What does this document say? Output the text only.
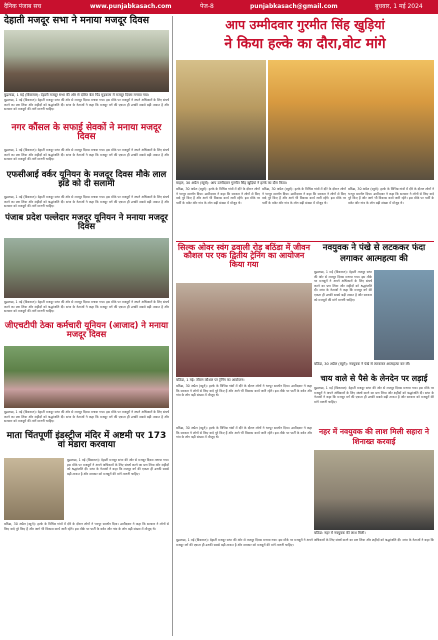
दैनिक पंजाब सच	www.punjabkasach.com	पेज-8	punjabkasach@gmail.com	बुधवार, 1 मई 2024
देहाती मजदूर सभा ने मनाया मजदूर दिवस
बुढ़लाडा, 1 मई (बिकराल): देहाती मजदूर सभा की ओर से दलित बेटा पिंड मुड़कला में मजदूर दिवस मनाया गया।
बुढ़लाडा, 1 मई (बिकराल): देहाती मजदूर सभा की ओर से मजदूर दिवस मनाया गया। इस मौके पर मजदूरों ने अपने अधिकारों के लिए संघर्ष करने का प्रण लिया और शहीदों को श्रद्धांजलि दी। सभा के नेताओं ने कहा कि मजदूर वर्ग की एकता ही उनकी सबसे बड़ी ताकत है और सरकार को मजदूरों की मांगें माननी चाहिए।
नगर कौंसल के सफाई सेवकों ने मनाया मजदूर दिवस
बुढ़लाडा, 1 मई (बिकराल): देहाती मजदूर सभा की ओर से मजदूर दिवस मनाया गया। इस मौके पर मजदूरों ने अपने अधिकारों के लिए संघर्ष करने का प्रण लिया और शहीदों को श्रद्धांजलि दी। सभा के नेताओं ने कहा कि मजदूर वर्ग की एकता ही उनकी सबसे बड़ी ताकत है और सरकार को मजदूरों की मांगें माननी चाहिए।
एफसीआई वर्कर यूनियन के मजदूर दिवस मौके लाल झंडे को दी सलामी
बुढ़लाडा, 1 मई (बिकराल): देहाती मजदूर सभा की ओर से मजदूर दिवस मनाया गया। इस मौके पर मजदूरों ने अपने अधिकारों के लिए संघर्ष करने का प्रण लिया और शहीदों को श्रद्धांजलि दी। सभा के नेताओं ने कहा कि मजदूर वर्ग की एकता ही उनकी सबसे बड़ी ताकत है और सरकार को मजदूरों की मांगें माननी चाहिए।
पंजाब प्रदेश पल्लेदार मजदूर यूनियन ने मनाया मजदूर दिवस
बुढ़लाडा, 1 मई (बिकराल): देहाती मजदूर सभा की ओर से मजदूर दिवस मनाया गया। इस मौके पर मजदूरों ने अपने अधिकारों के लिए संघर्ष करने का प्रण लिया और शहीदों को श्रद्धांजलि दी। सभा के नेताओं ने कहा कि मजदूर वर्ग की एकता ही उनकी सबसे बड़ी ताकत है और सरकार को मजदूरों की मांगें माननी चाहिए।
जीएचटीपी ठेका कर्मचारी यूनियन (आजाद) ने मनाया मजदूर दिवस
बुढ़लाडा, 1 मई (बिकराल): देहाती मजदूर सभा की ओर से मजदूर दिवस मनाया गया। इस मौके पर मजदूरों ने अपने अधिकारों के लिए संघर्ष करने का प्रण लिया और शहीदों को श्रद्धांजलि दी। सभा के नेताओं ने कहा कि मजदूर वर्ग की एकता ही उनकी सबसे बड़ी ताकत है और सरकार को मजदूरों की मांगें माननी चाहिए।
माता चिंतपूर्णी इंडस्ट्रीज मंदिर में अष्टमी पर 173 वां मंडारा करवाया
बुढ़लाडा, 1 मई (बिकराल): देहाती मजदूर सभा की ओर से मजदूर दिवस मनाया गया। इस मौके पर मजदूरों ने अपने अधिकारों के लिए संघर्ष करने का प्रण लिया और शहीदों को श्रद्धांजलि दी। सभा के नेताओं ने कहा कि मजदूर वर्ग की एकता ही उनकी सबसे बड़ी ताकत है और सरकार को मजदूरों की मांगें माननी चाहिए।
बठिंडा, 30 अप्रैल (ब्यूरो): हल्के के विभिन्न गांवों में दौरे के दौरान लोगों ने भरपूर समर्थन दिया। उम्मीदवार ने कहा कि सरकार ने लोगों से किए वादे पूरे किए हैं और आगे भी विकास कार्य जारी रहेंगे। इस मौके पर पार्टी के वर्कर और गांव के लोग बड़ी संख्या में मौजूद थे।
आप उम्मीदवार गुरमीत सिंह खुड़ियां
ने किया हल्के का दौरा,वोट मांगे
माहल, 30 अप्रैल (ब्यूरो): आप उम्मीदवार गुरमीत सिंह खुड़ियां ने हल्के का दौरा किया।
बठिंडा, 30 अप्रैल (ब्यूरो): हल्के के विभिन्न गांवों में दौरे के दौरान लोगों ने भरपूर समर्थन दिया। उम्मीदवार ने कहा कि सरकार ने लोगों से किए वादे पूरे किए हैं और आगे भी विकास कार्य जारी रहेंगे। इस मौके पर पार्टी के वर्कर और गांव के लोग बड़ी संख्या में मौजूद थे।
बठिंडा, 30 अप्रैल (ब्यूरो): हल्के के विभिन्न गांवों में दौरे के दौरान लोगों ने भरपूर समर्थन दिया। उम्मीदवार ने कहा कि सरकार ने लोगों से किए वादे पूरे किए हैं और आगे भी विकास कार्य जारी रहेंगे। इस मौके पर पार्टी के वर्कर और गांव के लोग बड़ी संख्या में मौजूद थे।
बठिंडा, 30 अप्रैल (ब्यूरो): हल्के के विभिन्न गांवों में दौरे के दौरान लोगों ने भरपूर समर्थन दिया। उम्मीदवार ने कहा कि सरकार ने लोगों से किए वादे पूरे किए हैं और आगे भी विकास कार्य जारी रहेंगे। इस मौके पर पार्टी के वर्कर और गांव के लोग बड़ी संख्या में मौजूद थे।
सिल्क ओवर स्वंग ढवाली रोड़ बठिंडा में जीवन कौशल पर एक द्वितीय ट्रेनिंग का आयोजन किया गया
बठिंडा, 1 मई: जीवन कौशल पर ट्रेनिंग का आयोजन।
नवयुवक ने पंखे से लटककर फंदा
लगाकर आत्महत्या की
बुढ़लाडा, 1 मई (बिकराल): देहाती मजदूर सभा की ओर से मजदूर दिवस मनाया गया। इस मौके पर मजदूरों ने अपने अधिकारों के लिए संघर्ष करने का प्रण लिया और शहीदों को श्रद्धांजलि दी। सभा के नेताओं ने कहा कि मजदूर वर्ग की एकता ही उनकी सबसे बड़ी ताकत है और सरकार को मजदूरों की मांगें माननी चाहिए।
बठिंडा, 30 अप्रैल (ब्यूरो): नवयुवक ने पंखे से लटककर आत्महत्या कर ली।
चाय वाले से पैसे के लेनदेन पर लड़ाई
बुढ़लाडा, 1 मई (बिकराल): देहाती मजदूर सभा की ओर से मजदूर दिवस मनाया गया। इस मौके पर मजदूरों ने अपने अधिकारों के लिए संघर्ष करने का प्रण लिया और शहीदों को श्रद्धांजलि दी। सभा के नेताओं ने कहा कि मजदूर वर्ग की एकता ही उनकी सबसे बड़ी ताकत है और सरकार को मजदूरों की मांगें माननी चाहिए।
बठिंडा, 30 अप्रैल (ब्यूरो): हल्के के विभिन्न गांवों में दौरे के दौरान लोगों ने भरपूर समर्थन दिया। उम्मीदवार ने कहा कि सरकार ने लोगों से किए वादे पूरे किए हैं और आगे भी विकास कार्य जारी रहेंगे। इस मौके पर पार्टी के वर्कर और गांव के लोग बड़ी संख्या में मौजूद थे।
नहर में नवयुवक की लाश मिली सहारा ने
शिनाख्त करवाई
बठिंडा: नहर में नवयुवक की लाश मिली।
बठिंडा, 30 अप्रैल (ब्यूरो): हल्के के विभिन्न गांवों में दौरे के दौरान लोगों ने भरपूर समर्थन दिया। उम्मीदवार ने कहा कि सरकार ने लोगों से किए वादे पूरे किए हैं और आगे भी विकास कार्य जारी रहेंगे। इस मौके पर पार्टी के वर्कर और गांव के लोग बड़ी संख्या में मौजूद थे।
बुढ़लाडा, 1 मई (बिकराल): देहाती मजदूर सभा की ओर से मजदूर दिवस मनाया गया। इस मौके पर मजदूरों ने अपने अधिकारों के लिए संघर्ष करने का प्रण लिया और शहीदों को श्रद्धांजलि दी। सभा के नेताओं ने कहा कि मजदूर वर्ग की एकता ही उनकी सबसे बड़ी ताकत है और सरकार को मजदूरों की मांगें माननी चाहिए।
